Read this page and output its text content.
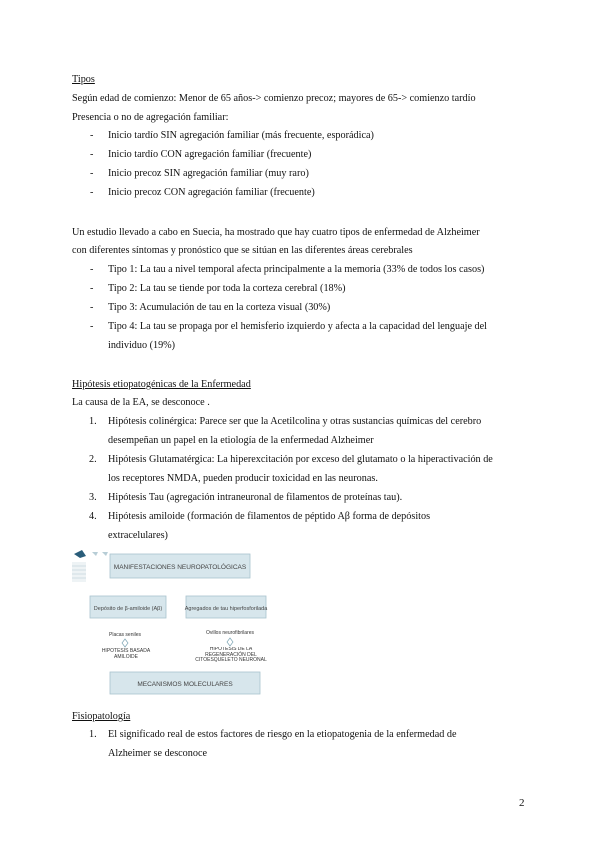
Tipos
Según edad de comienzo: Menor de 65 años-> comienzo precoz; mayores de 65-> comienzo tardío
Presencia o no de agregación familiar:
- Inicio tardío SIN agregación familiar (más frecuente, esporádica)
- Inicio tardío CON agregación familiar (frecuente)
- Inicio precoz SIN agregación familiar (muy raro)
- Inicio precoz CON agregación familiar (frecuente)
Un estudio llevado a cabo en Suecia, ha mostrado que hay cuatro tipos de enfermedad de Alzheimer
con diferentes síntomas y pronóstico que se sitúan en las diferentes áreas cerebrales
- Tipo 1: La tau a nivel temporal afecta principalmente a la memoria (33% de todos los casos)
- Tipo 2: La tau se tiende por toda la corteza cerebral (18%)
- Tipo 3: Acumulación de tau en la corteza visual (30%)
- Tipo 4: La tau se propaga por el hemisferio izquierdo y afecta a la capacidad del lenguaje del
individuo (19%)
Hipótesis etiopatogénicas de la Enfermedad
La causa de la EA, se desconoce .
1. Hipótesis colinérgica: Parece ser que la Acetilcolina y otras sustancias químicas del cerebro
desempeñan un papel en la etiología de la enfermedad Alzheimer
2. Hipótesis Glutamatérgica: La hiperexcitación por exceso del glutamato o la hiperactivación de
los receptores NMDA, pueden producir toxicidad en las neuronas.
3. Hipótesis Tau (agregación intraneuronal de filamentos de proteínas tau).
4. Hipótesis amiloide (formación de filamentos de péptido Aβ forma de depósitos
extracelulares)
MANIFESTACIONES NEUROPATOLÓGICAS
Depósito de β-amiloide (Aβ)	Agregados de tau hiperfosforilada
Placas seniles	Ovillos neurofibrilares
HIPÓTESIS BASADA AMILOIDE
HIPÓTESIS DE LA REGENERACIÓN DEL CITOESQUELETO NEURONAL
MECANISMOS MOLECULARES
Fisiopatología
1. El significado real de estos factores de riesgo en la etiopatogenia de la enfermedad de
Alzheimer se desconoce
2
